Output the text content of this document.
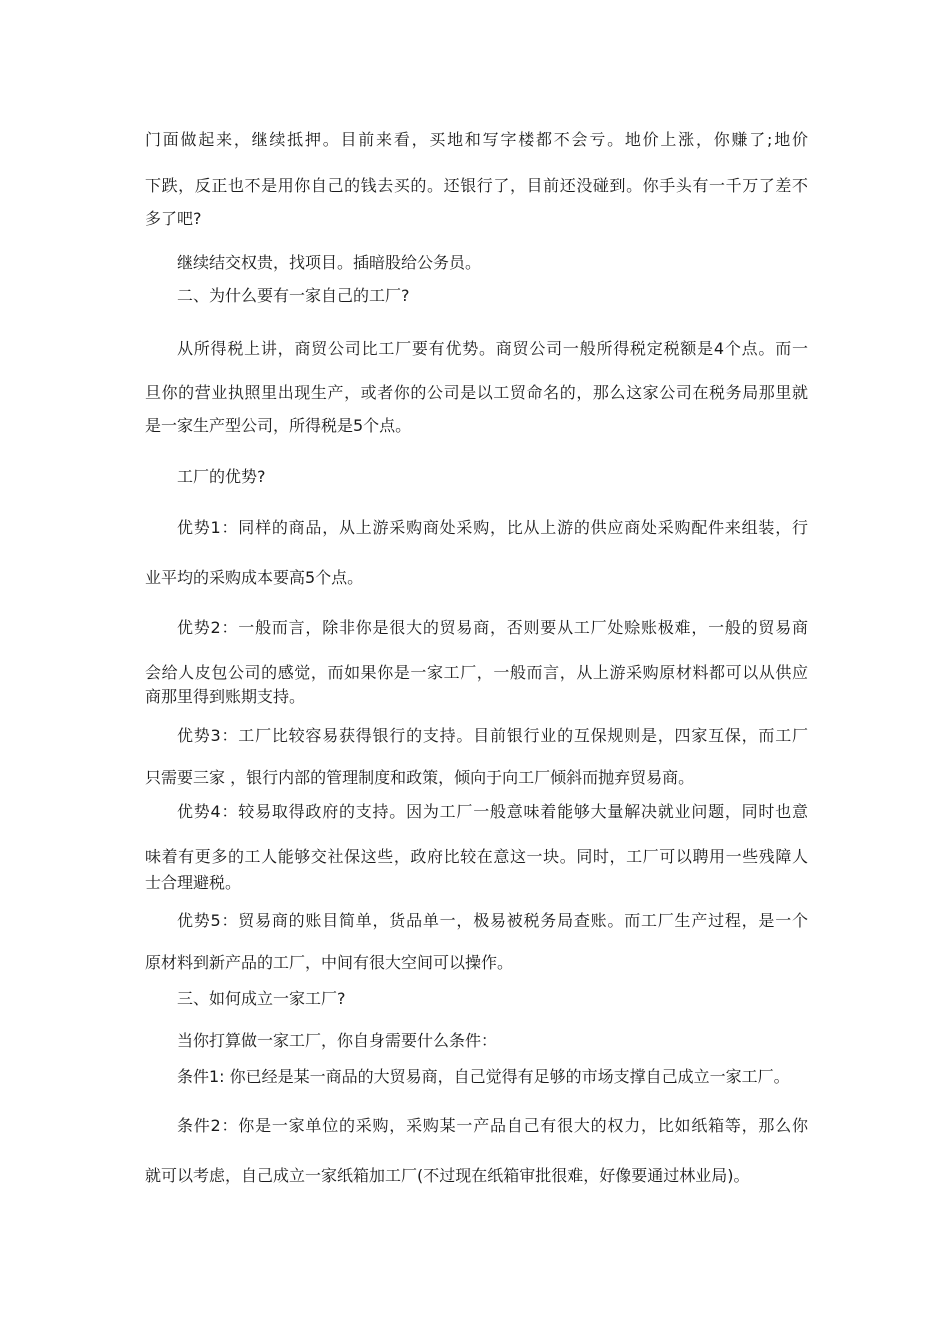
门面做起来，继续抵押。目前来看，买地和写字楼都不会亏。地价上涨，你赚了;地价
下跌，反正也不是用你自己的钱去买的。还银行了，目前还没碰到。你手头有一千万了差不
多了吧?
继续结交权贵，找项目。插暗股给公务员。
二、为什么要有一家自己的工厂?
从所得税上讲，商贸公司比工厂要有优势。商贸公司一般所得税定税额是4个点。而一
旦你的营业执照里出现生产，或者你的公司是以工贸命名的，那么这家公司在税务局那里就
是一家生产型公司，所得税是5个点。
工厂的优势?
优势1：同样的商品，从上游采购商处采购，比从上游的供应商处采购配件来组装，行
业平均的采购成本要高5个点。
优势2：一般而言，除非你是很大的贸易商，否则要从工厂处赊账极难，一般的贸易商
会给人皮包公司的感觉，而如果你是一家工厂，一般而言，从上游采购原材料都可以从供应
商那里得到账期支持。
优势3：工厂比较容易获得银行的支持。目前银行业的互保规则是，四家互保，而工厂
只需要三家 ，银行内部的管理制度和政策，倾向于向工厂倾斜而抛弃贸易商。
优势4：较易取得政府的支持。因为工厂一般意味着能够大量解决就业问题，同时也意
味着有更多的工人能够交社保这些，政府比较在意这一块。同时，工厂可以聘用一些残障人
士合理避税。
优势5：贸易商的账目简单，货品单一，极易被税务局查账。而工厂生产过程，是一个
原材料到新产品的工厂，中间有很大空间可以操作。
三、如何成立一家工厂?
当你打算做一家工厂，你自身需要什么条件：
条件1: 你已经是某一商品的大贸易商，自己觉得有足够的市场支撑自己成立一家工厂。
条件2：你是一家单位的采购，采购某一产品自己有很大的权力，比如纸箱等，那么你
就可以考虑，自己成立一家纸箱加工厂(不过现在纸箱审批很难，好像要通过林业局)。
